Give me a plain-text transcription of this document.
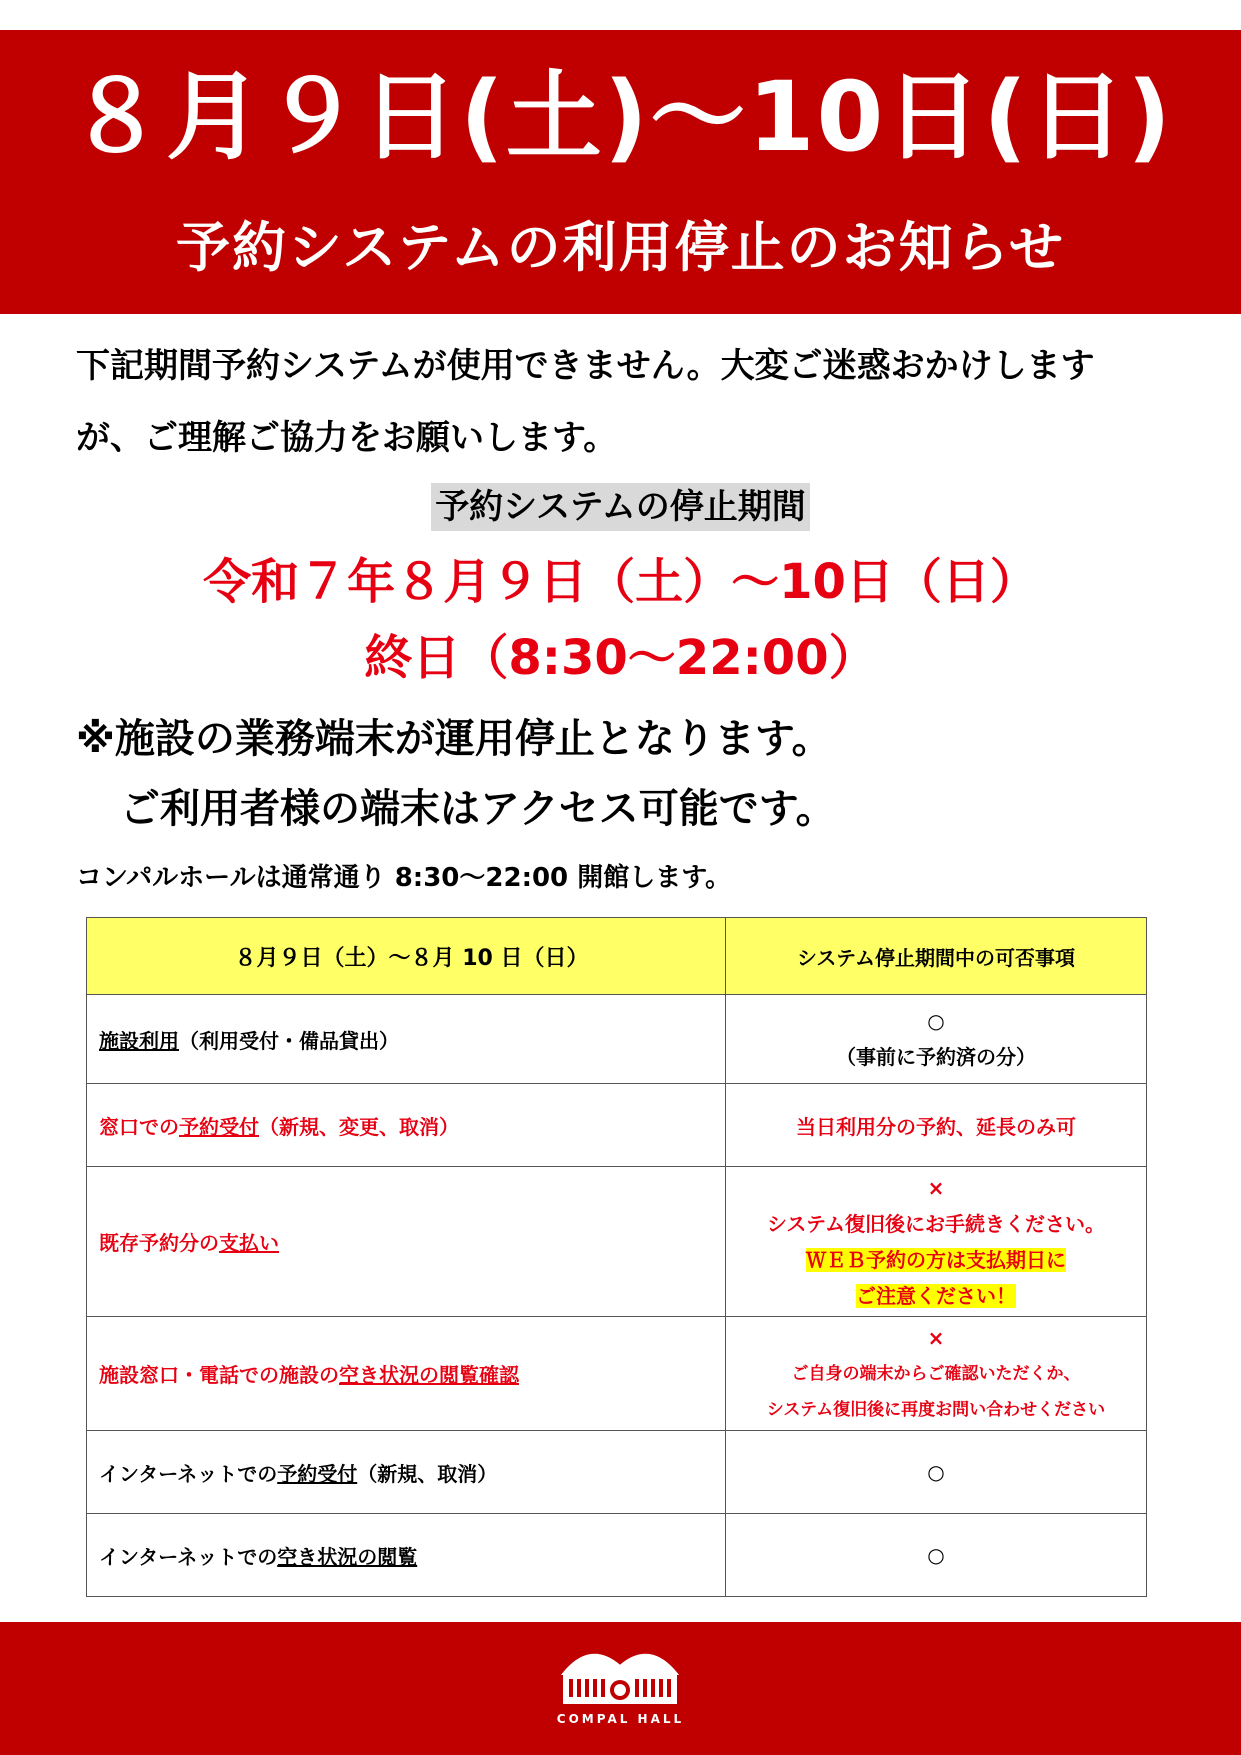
８月９日(土)～10日(日)
予約システムの利用停止のお知らせ
下記期間予約システムが使用できません。大変ご迷惑おかけします
が、ご理解ご協力をお願いします。
予約システムの停止期間
令和７年８月９日（土）～10日（日）
終日（8:30～22:00）
※施設の業務端末が運用停止となります。
ご利用者様の端末はアクセス可能です。
コンパルホールは通常通り 8:30～22:00 開館します。
８月９日（土）～８月 10 日（日）	システム停止期間中の可否事項
施設利用（利用受付・備品貸出）	○
（事前に予約済の分）

窓口での予約受付（新規、変更、取消）	当日利用分の予約、延長のみ可
既存予約分の支払い	×
システム復旧後にお手続きください。
ＷＥＢ予約の方は支払期日に
ご注意ください！

施設窓口・電話での施設の空き状況の閲覧確認	×
ご自身の端末からご確認いただくか、
システム復旧後に再度お問い合わせください

インターネットでの予約受付（新規、取消）	○
インターネットでの空き状況の閲覧	○
COMPAL HALL
